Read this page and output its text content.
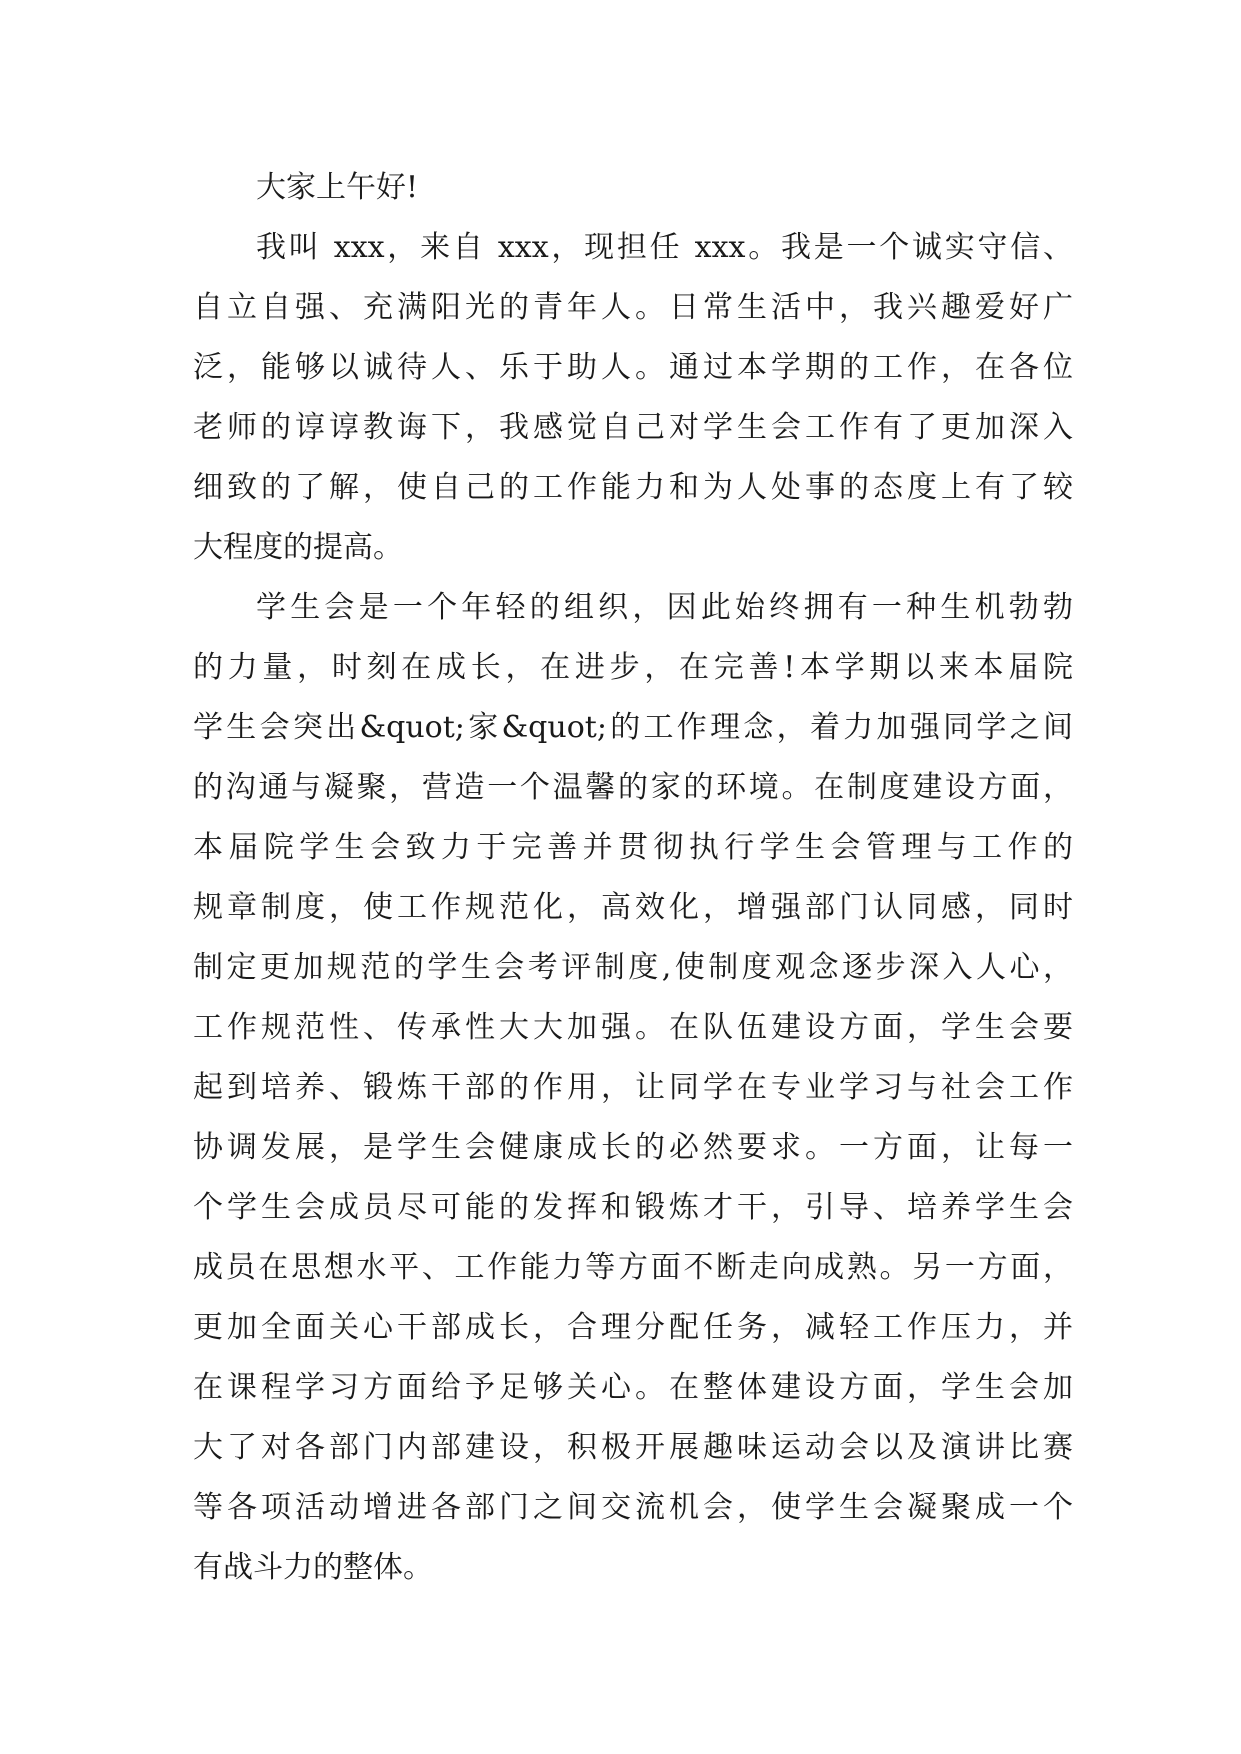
大家上午好!
我叫 xxx，来自 xxx，现担任 xxx。我是一个诚实守信、
自立自强、充满阳光的青年人。日常生活中，我兴趣爱好广
泛，能够以诚待人、乐于助人。通过本学期的工作，在各位
老师的谆谆教诲下，我感觉自己对学生会工作有了更加深入
细致的了解，使自己的工作能力和为人处事的态度上有了较
大程度的提高。
学生会是一个年轻的组织，因此始终拥有一种生机勃勃
的力量，时刻在成长，在进步，在完善!本学期以来本届院
学生会突出&quot;家&quot;的工作理念，着力加强同学之间
的沟通与凝聚，营造一个温馨的家的环境。在制度建设方面，
本届院学生会致力于完善并贯彻执行学生会管理与工作的
规章制度，使工作规范化，高效化，增强部门认同感，同时
制定更加规范的学生会考评制度,使制度观念逐步深入人心，
工作规范性、传承性大大加强。在队伍建设方面，学生会要
起到培养、锻炼干部的作用，让同学在专业学习与社会工作
协调发展，是学生会健康成长的必然要求。一方面，让每一
个学生会成员尽可能的发挥和锻炼才干，引导、培养学生会
成员在思想水平、工作能力等方面不断走向成熟。另一方面，
更加全面关心干部成长，合理分配任务，减轻工作压力，并
在课程学习方面给予足够关心。在整体建设方面，学生会加
大了对各部门内部建设，积极开展趣味运动会以及演讲比赛
等各项活动增进各部门之间交流机会，使学生会凝聚成一个
有战斗力的整体。
